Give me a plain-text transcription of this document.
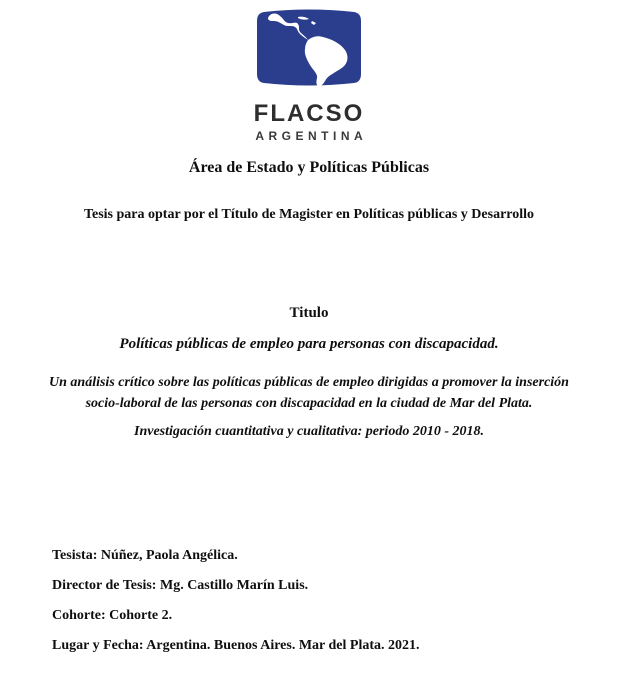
FLACSO
ARGENTINA
Área de Estado y Políticas Públicas

Tesis para optar por el Título de Magister en Políticas públicas y Desarrollo

Titulo

Políticas públicas de empleo para personas con discapacidad.

Un análisis crítico sobre las políticas públicas de empleo dirigidas a promover la inserción
socio-laboral de las personas con discapacidad en la ciudad de Mar del Plata.

Investigación cuantitativa y cualitativa: periodo 2010 - 2018.

Tesista: Núñez, Paola Angélica.

Director de Tesis: Mg. Castillo Marín Luis.

Cohorte: Cohorte 2.

Lugar y Fecha: Argentina. Buenos Aires. Mar del Plata. 2021.
